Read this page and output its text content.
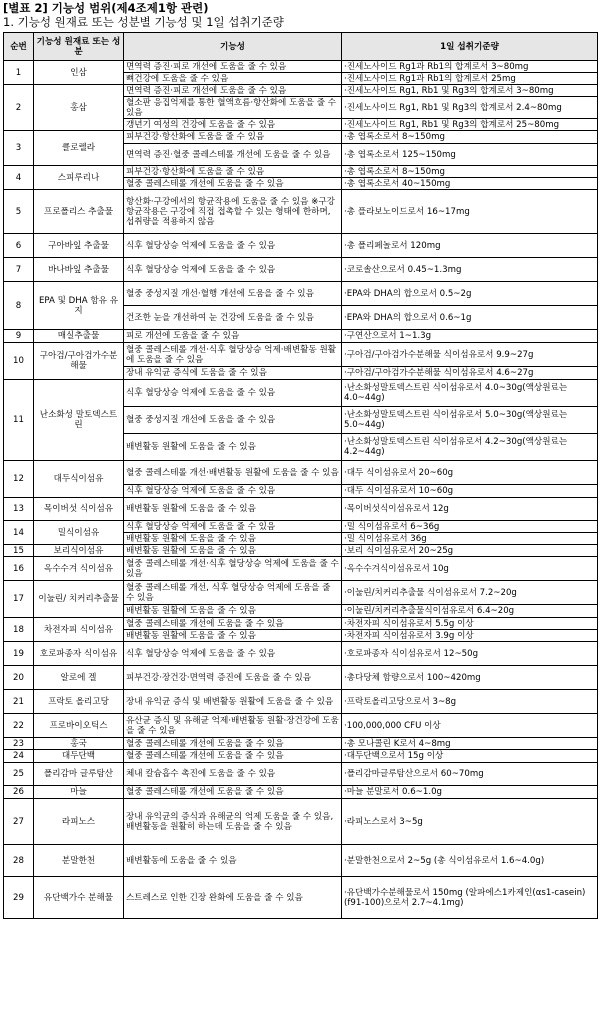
[별표 2] 기능성 범위(제4조제1항 관련)
1. 기능성 원재료 또는 성분별 기능성 및 1일 섭취기준량
순번	기능성 원재료 또는 성분	기능성	1일 섭취기준량
1	인삼	면역력 증진·피로 개선에 도움을 줄 수 있음	·진세노사이드 Rg1과 Rb1의 합계로서 3~80mg
		뼈건강에 도움을 줄 수 있음	·진세노사이드 Rg1과 Rb1의 합계로서 25mg
2	홍삼	면역력 증진·피로 개선에 도움을 줄 수 있음	·진세노사이드 Rg1, Rb1 및 Rg3의 합계로서 3~80mg
		혈소판 응집억제를 통한 혈액흐름·항산화에 도움을 줄 수 있음	·진세노사이드 Rg1, Rb1 및 Rg3의 합계로서 2.4~80mg
		갱년기 여성의 건강에 도움을 줄 수 있음	·진세노사이드 Rg1, Rb1 및 Rg3의 합계로서 25~80mg
3	클로렐라	피부건강·항산화에 도움을 줄 수 있음	·총 엽록소로서 8~150mg
		면역력 증진·혈중 콜레스테롤 개선에 도움을 줄 수 있음	·총 엽록소로서 125~150mg
4	스피루리나	피부건강·항산화에 도움을 줄 수 있음	·총 엽록소로서 8~150mg
		혈중 콜레스테롤 개선에 도움을 줄 수 있음	·총 엽록소로서 40~150mg
5	프로폴리스 추출물	항산화·구강에서의 항균작용에 도움을 줄 수 있음 ※구강 항균작용은 구강에 직접 접촉할 수 있는 형태에 한하며, 섭취량을 적용하지 않음	·총 플라보노이드로서 16~17mg
6	구아바잎 추출물	식후 혈당상승 억제에 도움을 줄 수 있음	·총 폴리페놀로서 120mg
7	바나바잎 추출물	식후 혈당상승 억제에 도움을 줄 수 있음	·코로솔산으로서 0.45~1.3mg
8	EPA 및 DHA 함유 유지	혈중 중성지질 개선·혈행 개선에 도움을 줄 수 있음	·EPA와 DHA의 합으로서 0.5~2g
		건조한 눈을 개선하여 눈 건강에 도움을 줄 수 있음	·EPA와 DHA의 합으로서 0.6~1g
9	매실추출물	피로 개선에 도움을 줄 수 있음	·구연산으로서 1~1.3g
10	구아검/구아검가수분해물	혈중 콜레스테롤 개선·식후 혈당상승 억제·배변활동 원활에 도움을 줄 수 있음	·구아검/구아검가수분해물 식이섬유로서 9.9~27g
		장내 유익균 증식에 도움을 줄 수 있음	·구아검/구아검가수분해물 식이섬유로서 4.6~27g
11	난소화성 말토덱스트린	식후 혈당상승 억제에 도움을 줄 수 있음	·난소화성말토덱스트린 식이섬유로서 4.0~30g(액상원료는 4.0~44g)
		혈중 중성지질 개선에 도움을 줄 수 있음	·난소화성말토덱스트린 식이섬유로서 5.0~30g(액상원료는 5.0~44g)
		배변활동 원활에 도움을 줄 수 있음	·난소화성말토덱스트린 식이섬유로서 4.2~30g(액상원료는 4.2~44g)
12	대두식이섬유	혈중 콜레스테롤 개선·배변활동 원활에 도움을 줄 수 있음	·대두 식이섬유로서 20~60g
		식후 혈당상승 억제에 도움을 줄 수 있음	·대두 식이섬유로서 10~60g
13	목이버섯 식이섬유	배변활동 원활에 도움을 줄 수 있음	·목이버섯식이섬유로서 12g
14	밀식이섬유	식후 혈당상승 억제에 도움을 줄 수 있음	·밀 식이섬유로서 6~36g
		배변활동 원활에 도움을 줄 수 있음	·밀 식이섬유로서 36g
15	보리식이섬유	배변활동 원활에 도움을 줄 수 있음	·보리 식이섬유로서 20~25g
16	옥수수겨 식이섬유	혈중 콜레스테롤 개선·식후 혈당상승 억제에 도움을 줄 수 있음	·옥수수겨식이섬유로서 10g
17	이눌린/ 치커리추출물	혈중 콜레스테롤 개선, 식후 혈당상승 억제에 도움을 줄 수 있음	·이눌린/치커리추출물 식이섬유로서 7.2~20g
		배변활동 원활에 도움을 줄 수 있음	·이눌린/치커리추출물식이섬유로서 6.4~20g
18	차전자피 식이섬유	혈중 콜레스테롤 개선에 도움을 줄 수 있음	·차전자피 식이섬유로서 5.5g 이상
		배변활동 원활에 도움을 줄 수 있음	·차전자피 식이섬유로서 3.9g 이상
19	호로파종자 식이섬유	식후 혈당상승 억제에 도움을 줄 수 있음	·호로파종자 식이섬유로서 12~50g
20	알로에 겔	피부건강·장건강·면역력 증진에 도움을 줄 수 있음	·총다당체 함량으로서 100~420mg
21	프락토 올리고당	장내 유익균 증식 및 배변활동 원활에 도움을 줄 수 있음	·프락토올리고당으로서 3~8g
22	프로바이오틱스	유산균 증식 및 유해균 억제·배변활동 원활·장건강에 도움을 줄 수 있음	·100,000,000 CFU 이상
23	홍국	혈중 콜레스테롤 개선에 도움을 줄 수 있음	·총 모나콜린 K로서 4~8mg
24	대두단백	혈중 콜레스테롤 개선에 도움을 줄 수 있음	·대두단백으로서 15g 이상
25	폴리감마 글루탐산	체내 칼슘흡수 촉진에 도움을 줄 수 있음	·폴리감마글루탐산으로서 60~70mg
26	마늘	혈중 콜레스테롤 개선에 도움을 줄 수 있음	·마늘 분말로서 0.6~1.0g
27	라피노스	장내 유익균의 증식과 유해균의 억제 도움을 줄 수 있음, 배변활동을 원활히 하는데 도움을 줄 수 있음	·라피노스로서 3~5g
28	분말한천	배변활동에 도움을 줄 수 있음	·분말한천으로서 2~5g (총 식이섬유로서 1.6~4.0g)
29	유단백가수 분해물	스트레스로 인한 긴장 완화에 도움을 줄 수 있음	·유단백가수분해물로서 150mg (알파에스1카제인(αs1-casein) (f91-100)으로서 2.7~4.1mg)
